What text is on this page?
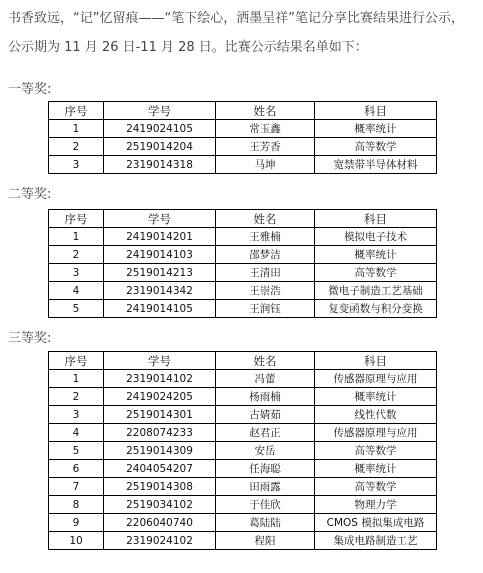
书香致远，“记”忆留痕——“笔下绘心，洒墨呈祥”笔记分享比赛结果进行公示，公示期为 11 月 26 日-11 月 28 日。比赛公示结果名单如下：
一等奖:
序号	学号	姓名	科目
1	2419024105	常玉鑫	概率统计
2	2519014204	王芳香	高等数学
3	2319014318	马坤	宽禁带半导体材料
二等奖:
序号	学号	姓名	科目
1	2419014201	王雅楠	模拟电子技术
2	2419014103	邵梦洁	概率统计
3	2519014213	王清田	高等数学
4	2319014342	王崇浩	微电子制造工艺基础
5	2419014105	王润钰	复变函数与积分变换
三等奖:
序号	学号	姓名	科目
1	2319014102	冯蕾	传感器原理与应用
2	2419024205	杨雨楠	概率统计
3	2519014301	古婧茹	线性代数
4	2208074233	赵君正	传感器原理与应用
5	2519014309	安岳	高等数学
6	2404054207	任海聪	概率统计
7	2519014308	田雨露	高等数学
8	2519034102	于佳欣	物理力学
9	2206040740	葛陆陆	CMOS 模拟集成电路
10	2319024102	程阳	集成电路制造工艺
